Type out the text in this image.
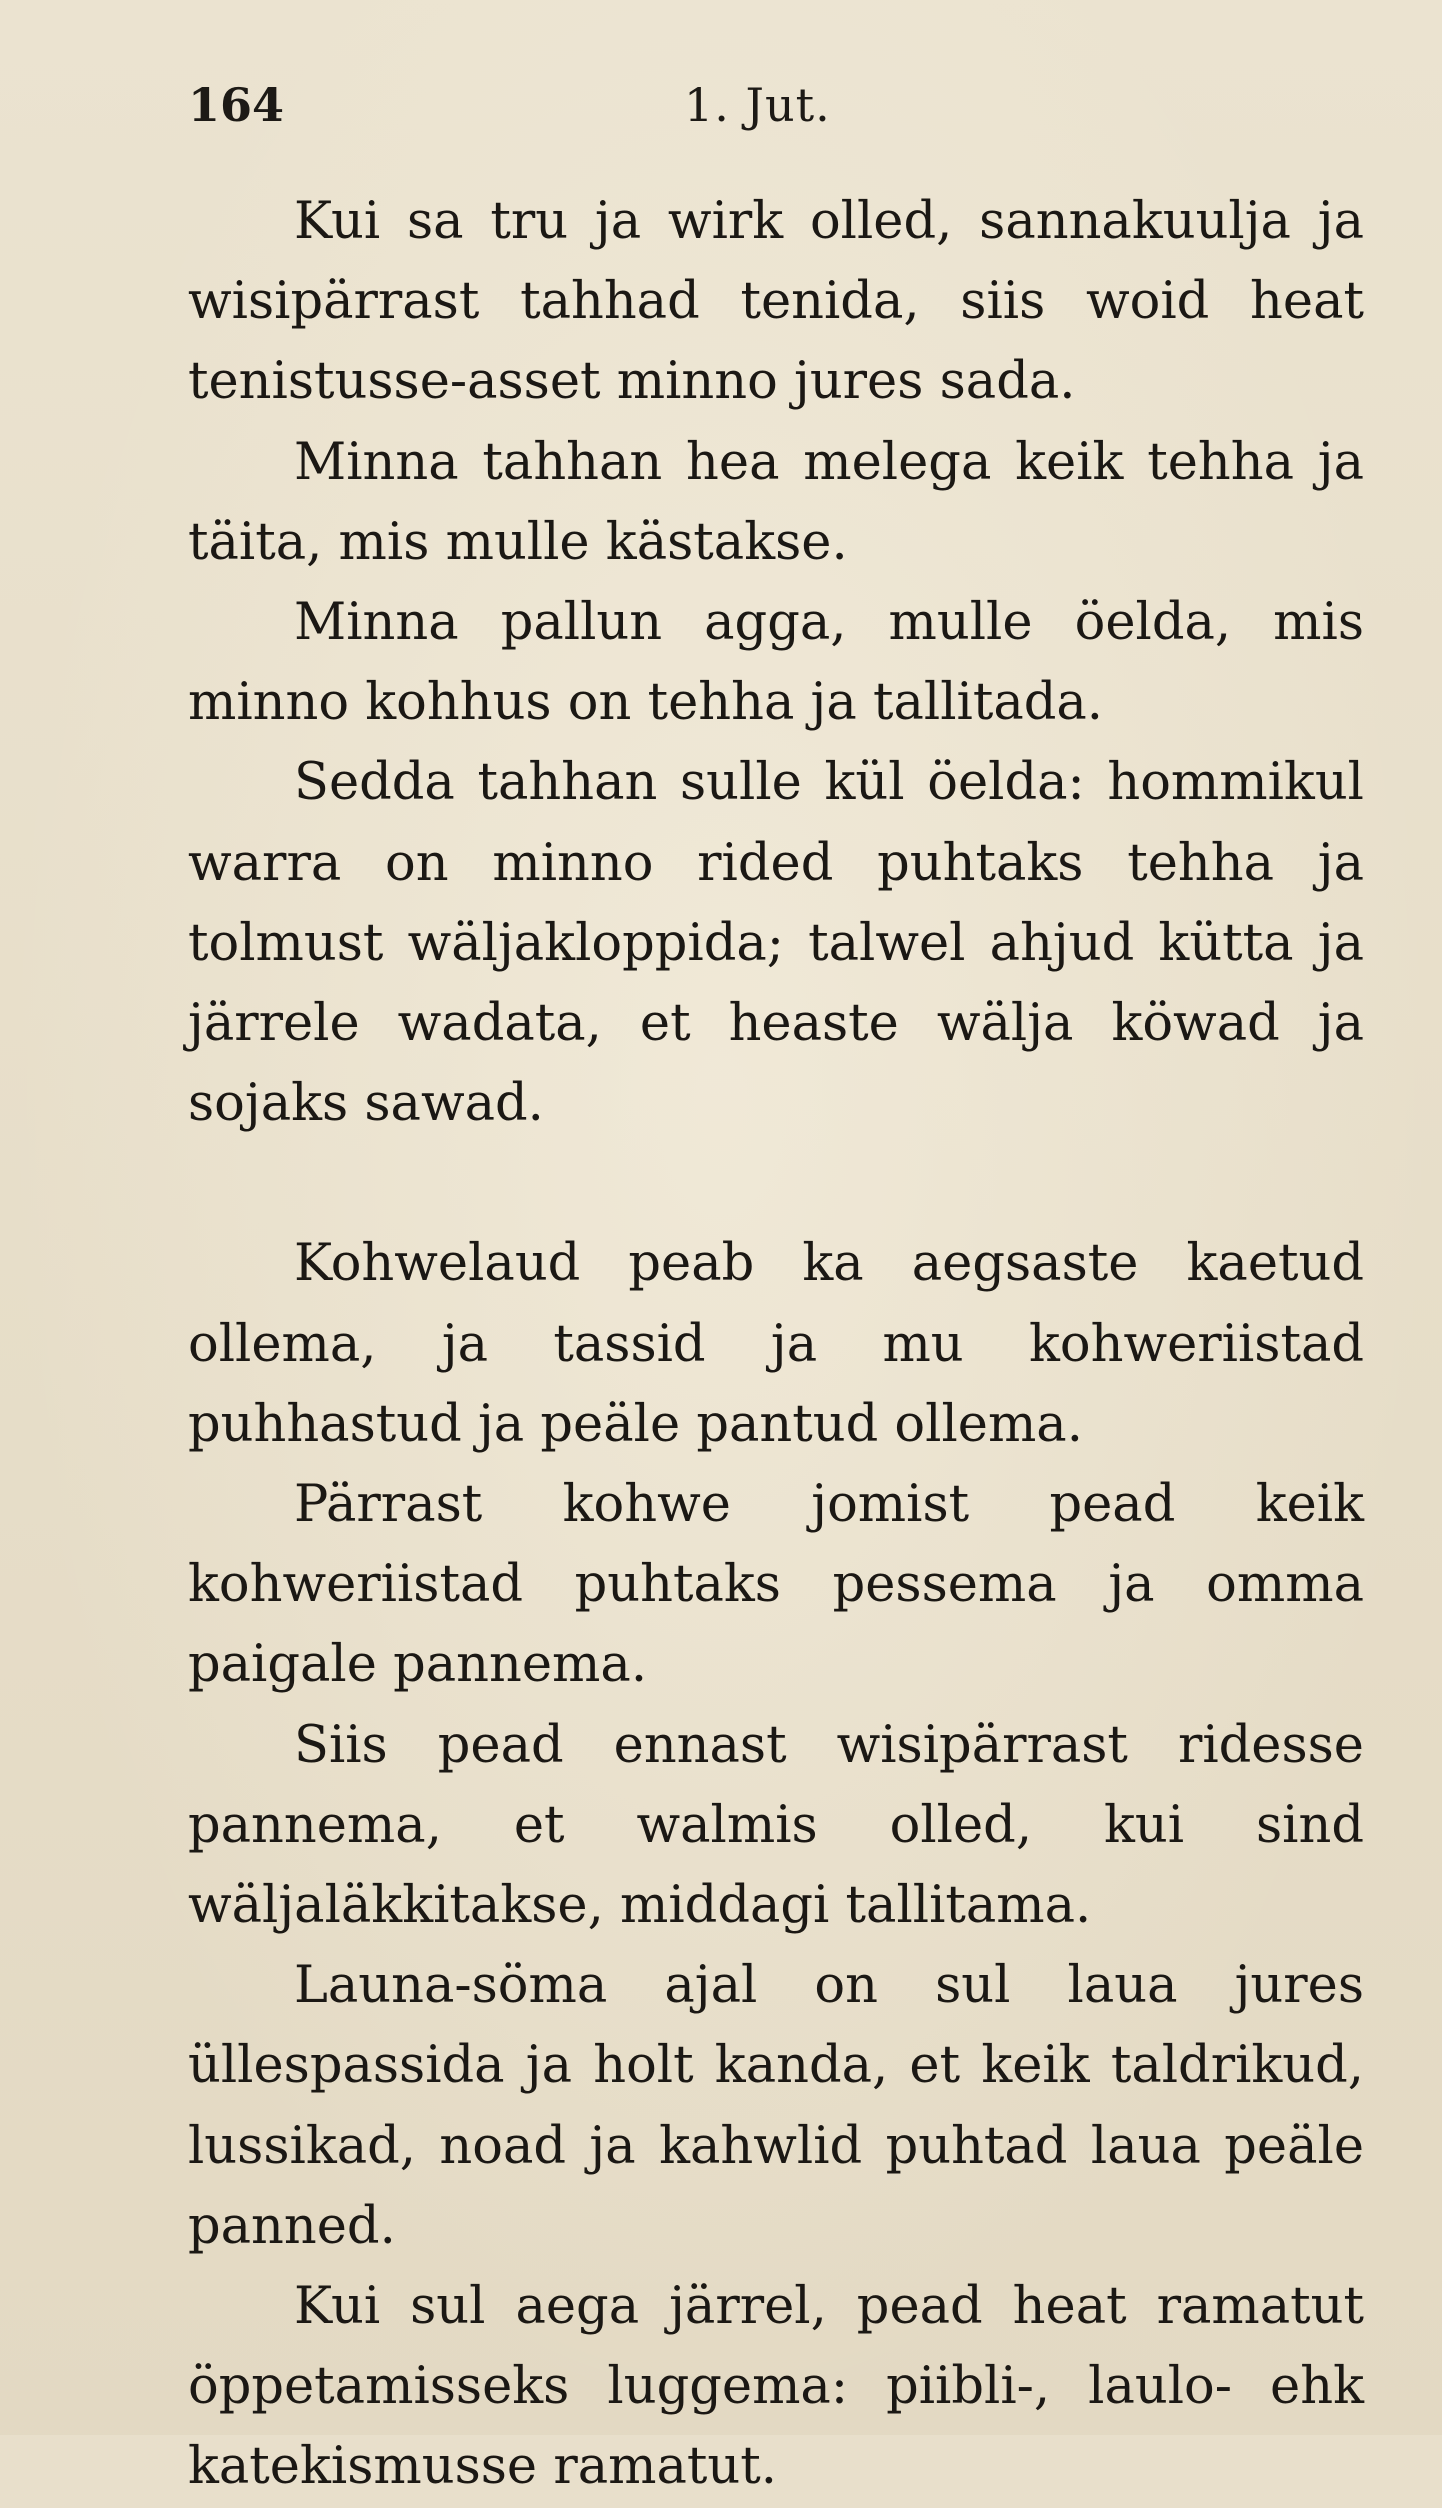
164	1. Jut.

Kui sa tru ja wirk olled, sannakuulja ja wisipärrast tahhad tenida, siis woid heat tenistusse-asset minno jures sada.

Minna tahhan hea melega keik tehha ja täita, mis mulle kästakse.

Minna pallun agga, mulle öelda, mis minno kohhus on tehha ja tallitada.

Sedda tahhan sulle kül öelda: hommikul warra on minno rided puhtaks tehha ja tolmust wäljakloppida; talwel ahjud kütta ja järrele wadata, et heaste wälja köwad ja sojaks sawad.

Kohwelaud peab ka aegsaste kaetud ollema, ja tassid ja mu kohweriistad puhhastud ja peäle pantud ollema.

Pärrast kohwe jomist pead keik kohweriistad puhtaks pessema ja omma paigale pannema.

Siis pead ennast wisipärrast ridesse pannema, et walmis olled, kui sind wäljaläkkitakse, middagi tallitama.

Launa-söma ajal on sul laua jures üllespassida ja holt kanda, et keik taldrikud, lussikad, noad ja kahwlid puhtad laua peäle panned.

Kui sul aega järrel, pead heat ramatut öppetamisseks luggema: piibli-, laulo- ehk katekismusse ramatut.
